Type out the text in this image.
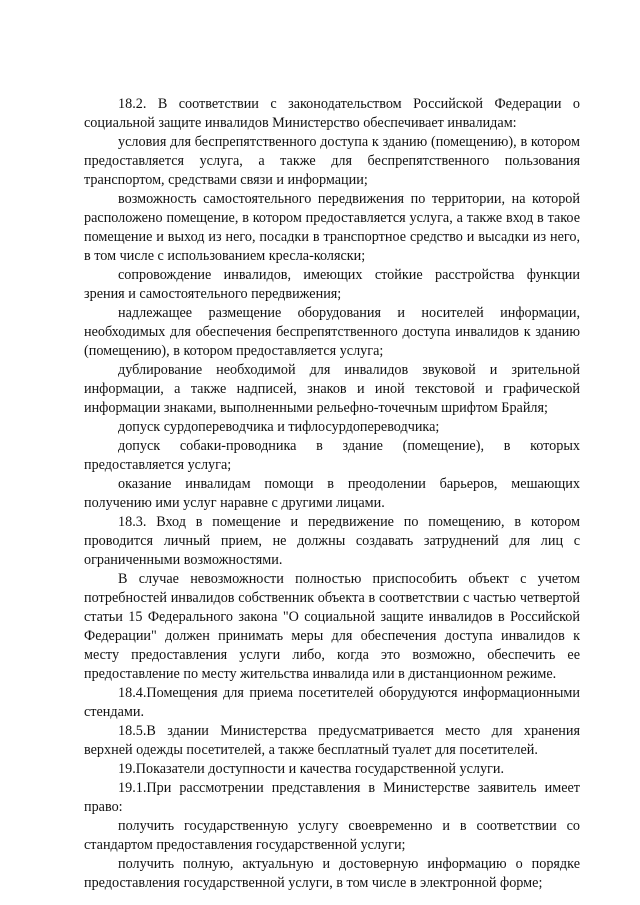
18.2. В соответствии с законодательством Российской Федерации о социальной защите инвалидов Министерство обеспечивает инвалидам:

условия для беспрепятственного доступа к зданию (помещению), в котором предоставляется услуга, а также для беспрепятственного пользования транспортом, средствами связи и информации;

возможность самостоятельного передвижения по территории, на которой расположено помещение, в котором предоставляется услуга, а также вход в такое помещение и выход из него, посадки в транспортное средство и высадки из него, в том числе с использованием кресла-коляски;

сопровождение инвалидов, имеющих стойкие расстройства функции зрения и самостоятельного передвижения;

надлежащее размещение оборудования и носителей информации, необходимых для обеспечения беспрепятственного доступа инвалидов к зданию (помещению), в котором предоставляется услуга;

дублирование необходимой для инвалидов звуковой и зрительной информации, а также надписей, знаков и иной текстовой и графической информации знаками, выполненными рельефно-точечным шрифтом Брайля;

допуск сурдопереводчика и тифлосурдопереводчика;

допуск собаки-проводника в здание (помещение), в которых предоставляется услуга;

оказание инвалидам помощи в преодолении барьеров, мешающих получению ими услуг наравне с другими лицами.

18.3. Вход в помещение и передвижение по помещению, в котором проводится личный прием, не должны создавать затруднений для лиц с ограниченными возможностями.

В случае невозможности полностью приспособить объект с учетом потребностей инвалидов собственник объекта в соответствии с частью четвертой статьи 15 Федерального закона "О социальной защите инвалидов в Российской Федерации" должен принимать меры для обеспечения доступа инвалидов к месту предоставления услуги либо, когда это возможно, обеспечить ее предоставление по месту жительства инвалида или в дистанционном режиме.

18.4.Помещения для приема посетителей оборудуются информационными стендами.

18.5.В здании Министерства предусматривается место для хранения верхней одежды посетителей, а также бесплатный туалет для посетителей.

19.Показатели доступности и качества государственной услуги.

19.1.При рассмотрении представления в Министерстве заявитель имеет право:

получить государственную услугу своевременно и в соответствии со стандартом предоставления государственной услуги;

получить полную, актуальную и достоверную информацию о порядке предоставления государственной услуги, в том числе в электронной форме;
